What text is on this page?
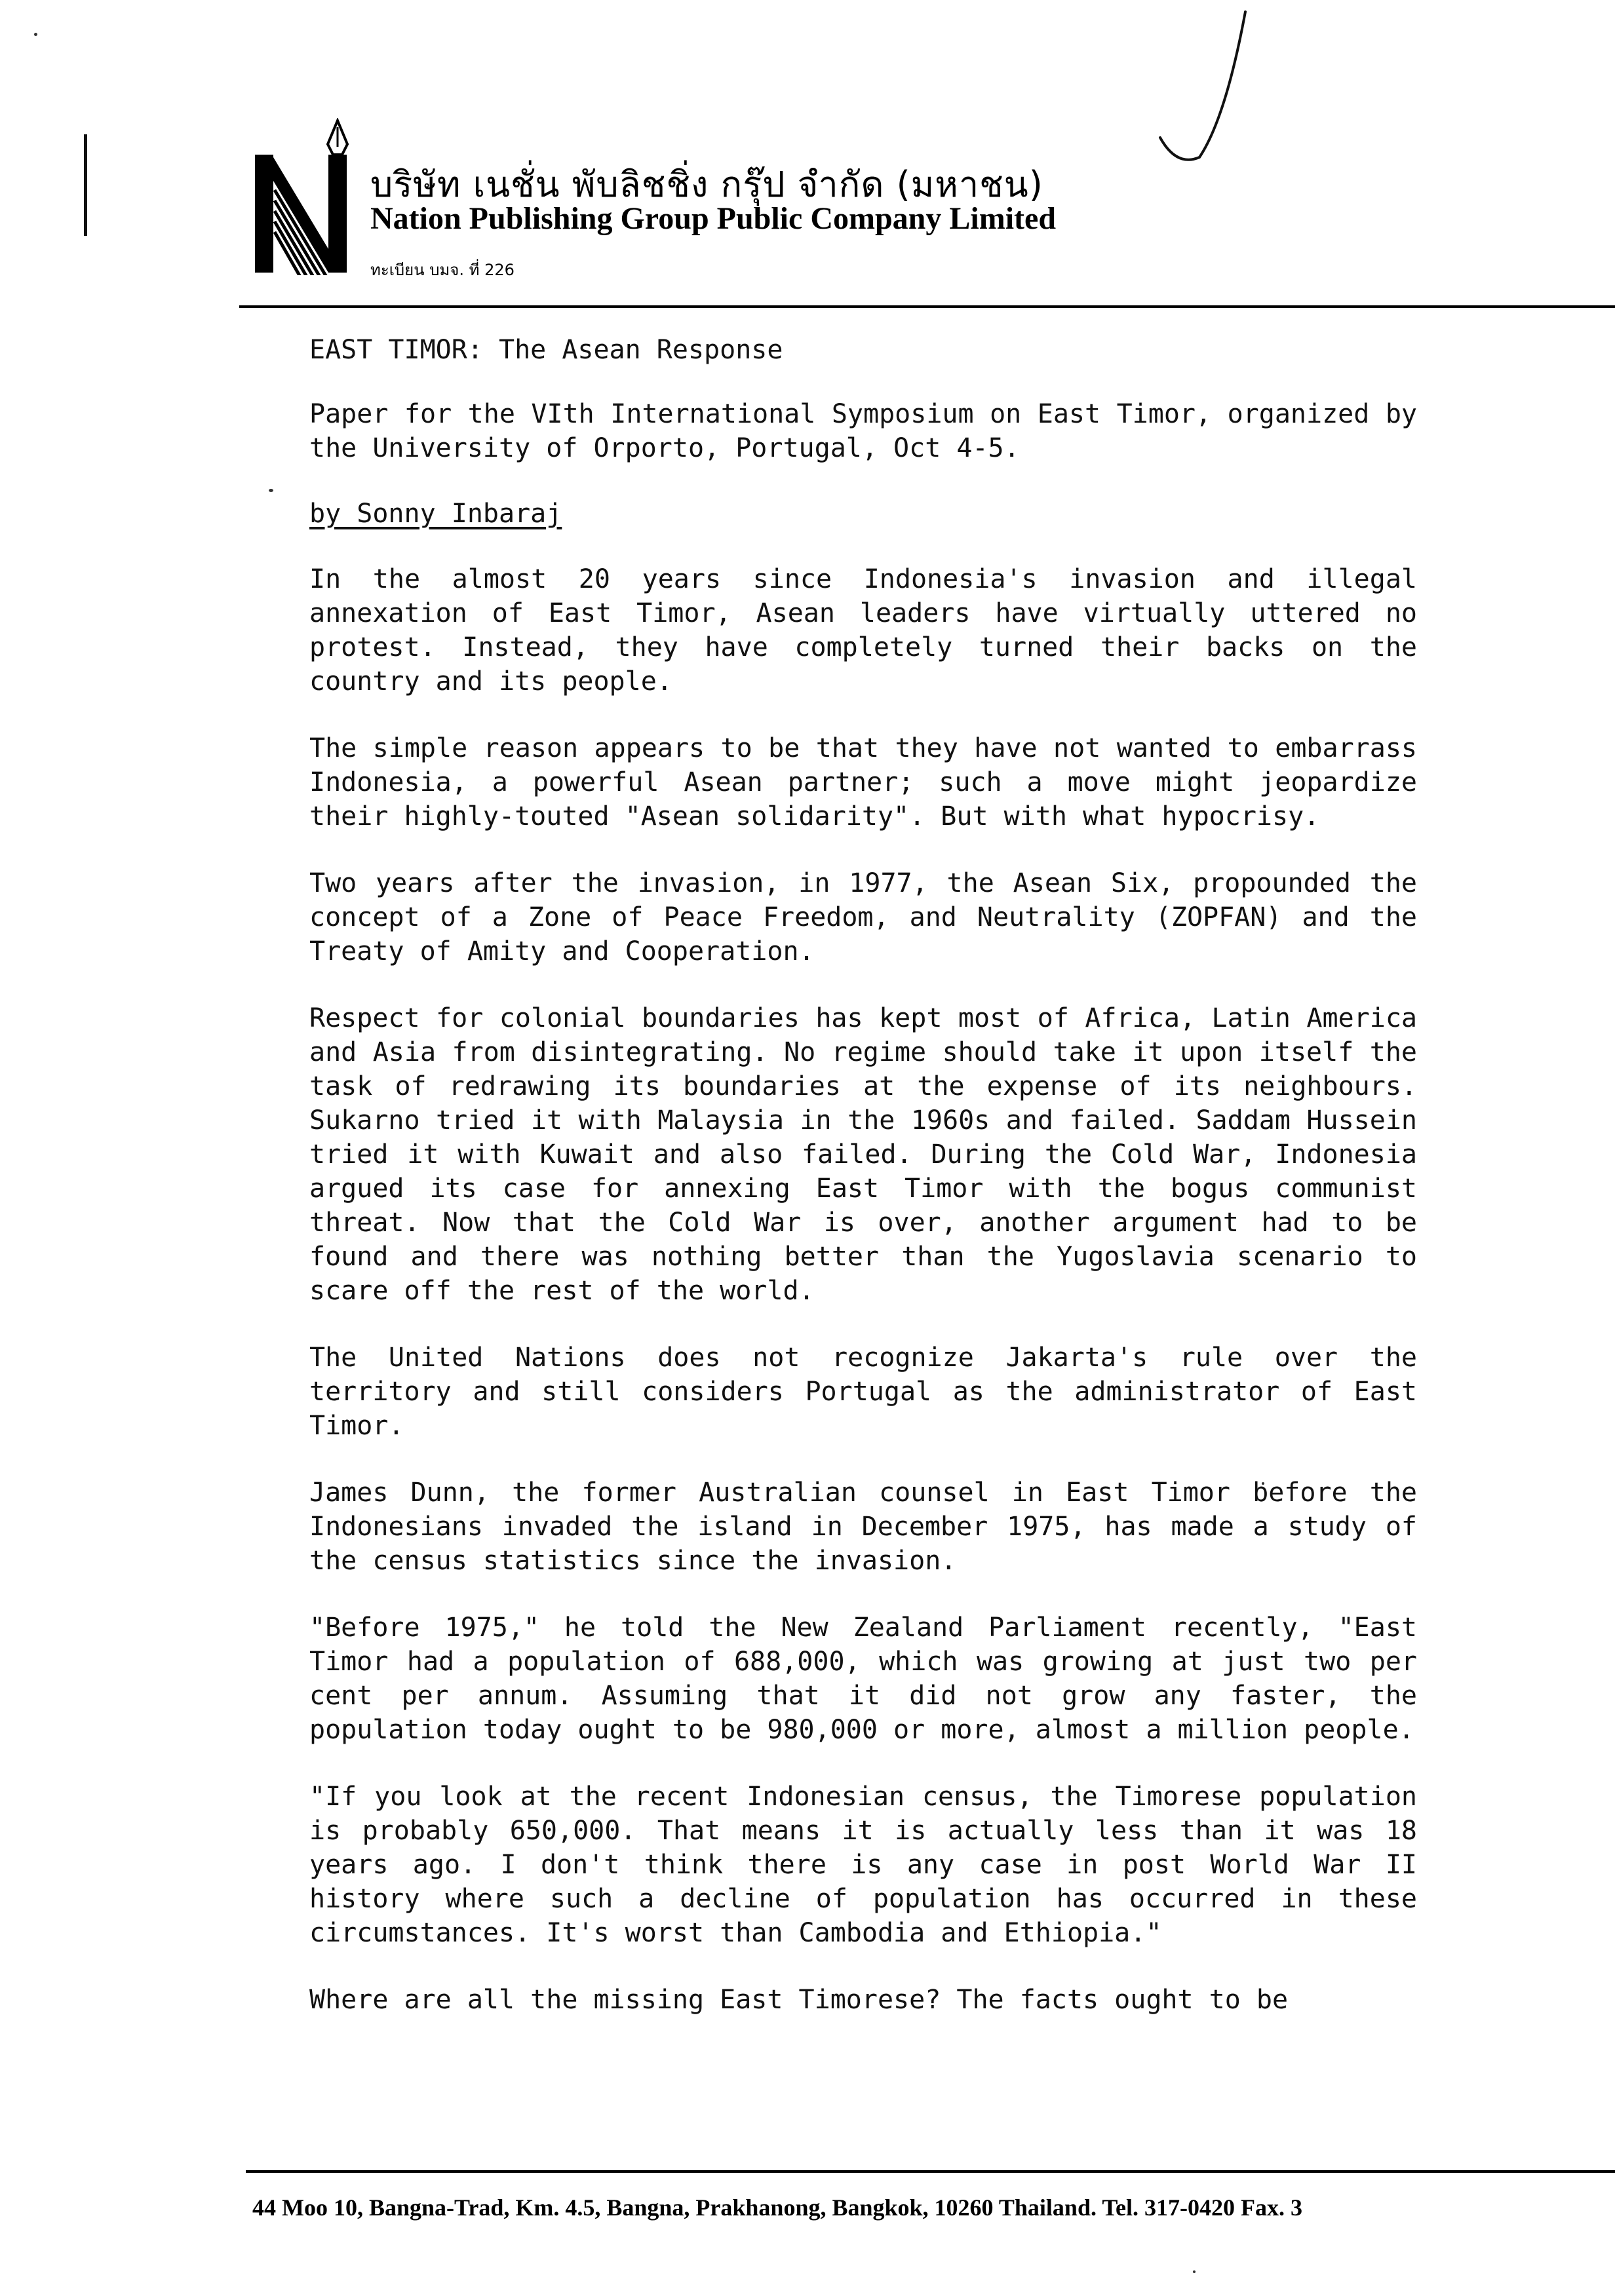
บริษัท เนชั่น พับลิชชิ่ง กรุ๊ป จำกัด (มหาชน)
Nation Publishing Group Public Company Limited
ทะเบียน บมจ. ที่ 226
EAST TIMOR: The Asean Response
Paper for the VIth International Symposium on East Timor, organized by the University of Orporto, Portugal, Oct 4-5.
by Sonny Inbaraj

In the almost 20 years since Indonesia's invasion and illegal annexation of East Timor, Asean leaders have virtually uttered no protest. Instead, they have completely turned their backs on the country and its people.

The simple reason appears to be that they have not wanted to embarrass Indonesia, a powerful Asean partner; such a move might jeopardize their highly-touted "Asean solidarity". But with what hypocrisy.

Two years after the invasion, in 1977, the Asean Six, propounded the concept of a Zone of Peace Freedom, and Neutrality (ZOPFAN) and the Treaty of Amity and Cooperation.

Respect for colonial boundaries has kept most of Africa, Latin America and Asia from disintegrating. No regime should take it upon itself the task of redrawing its boundaries at the expense of its neighbours. Sukarno tried it with Malaysia in the 1960s and failed. Saddam Hussein tried it with Kuwait and also failed. During the Cold War, Indonesia argued its case for annexing East Timor with the bogus communist threat. Now that the Cold War is over, another argument had to be found and there was nothing better than the Yugoslavia scenario to scare off the rest of the world.

The United Nations does not recognize Jakarta's rule over the territory and still considers Portugal as the administrator of East Timor.

James Dunn, the former Australian counsel in East Timor before the Indonesians invaded the island in December 1975, has made a study of the census statistics since the invasion.

"Before 1975," he told the New Zealand Parliament recently, "East Timor had a population of 688,000, which was growing at just two per cent per annum. Assuming that it did not grow any faster, the population today ought to be 980,000 or more, almost a million people.

"If you look at the recent Indonesian census, the Timorese population is probably 650,000. That means it is actually less than it was 18 years ago. I don't think there is any case in post World War II history where such a decline of population has occurred in these circumstances. It's worst than Cambodia and Ethiopia."

Where are all the missing East Timorese? The facts ought to be

44 Moo 10, Bangna-Trad, Km. 4.5, Bangna, Prakhanong, Bangkok, 10260 Thailand. Tel. 317-0420 Fax. 3
